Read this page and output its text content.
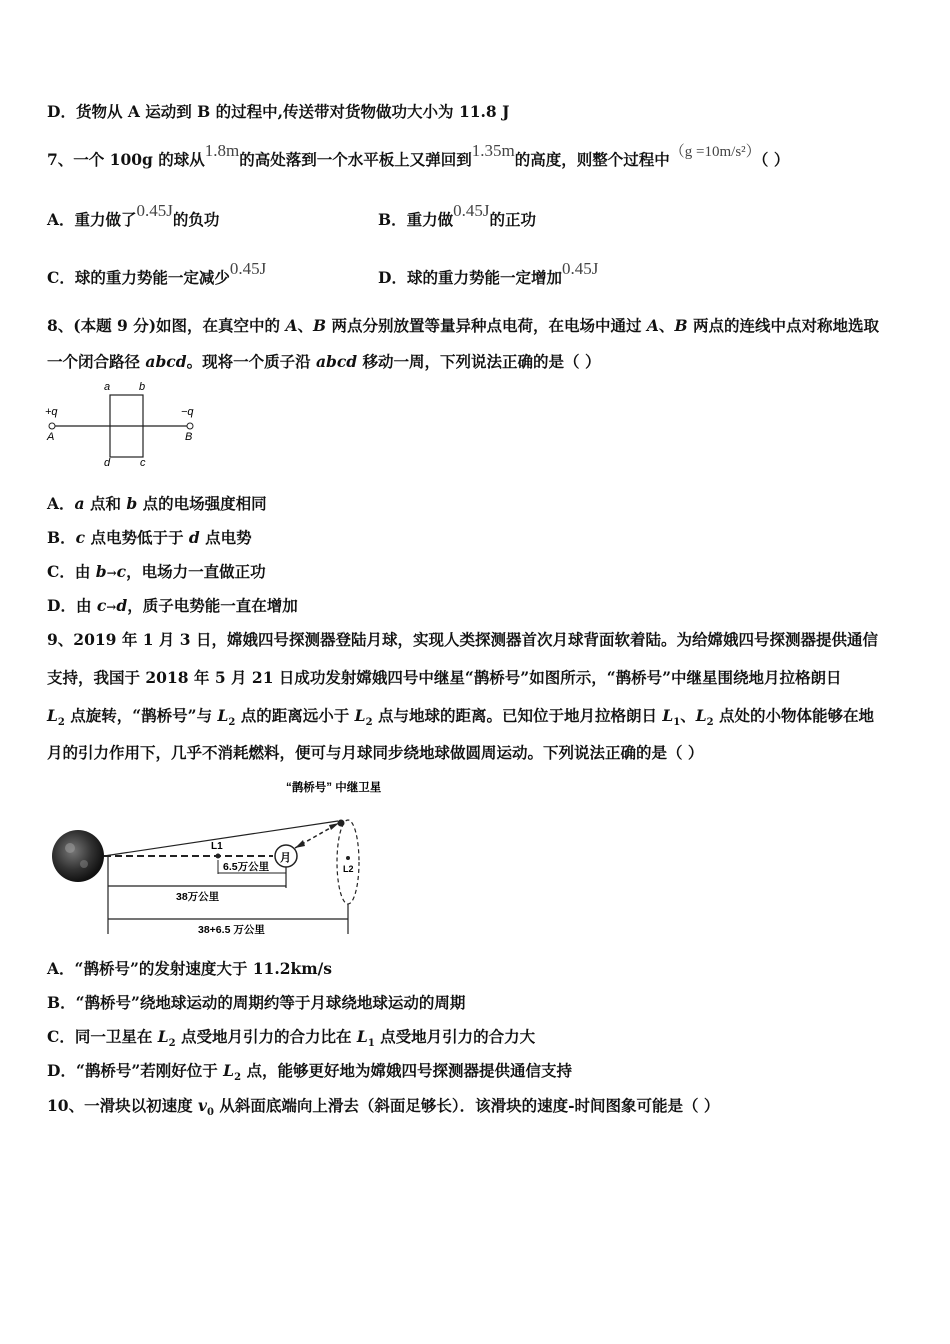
D．货物从 A 运动到 B 的过程中,传送带对货物做功大小为 11.8 J
7、一个 100g 的球从1.8m的高处落到一个水平板上又弹回到1.35m的高度，则整个过程中（g =10m/s²）（ ）
A．重力做了0.45J的负功	B．重力做0.45J的正功
C．球的重力势能一定减少0.45J	D．球的重力势能一定增加0.45J
8、(本题 9 分)如图，在真空中的 A、B 两点分别放置等量异种点电荷，在电场中通过 A、B 两点的连线中点对称地选取
一个闭合路径 abcd。现将一个质子沿 abcd 移动一周，下列说法正确的是（ ）
+q	−q
A	B
a	b
c
d
A．a 点和 b 点的电场强度相同
B．c 点电势低于于 d 点电势
C．由 b→c，电场力一直做正功
D．由 c→d，质子电势能一直在增加
9、2019 年 1 月 3 日，嫦娥四号探测器登陆月球，实现人类探测器首次月球背面软着陆。为给嫦娥四号探测器提供通信
支持，我国于 2018 年 5 月 21 日成功发射嫦娥四号中继星“鹊桥号”如图所示，“鹊桥号”中继星围绕地月拉格朗日
$L_2$ 点旋转，“鹊桥号”与 $L_2$ 点的距离远小于 $L_2$ 点与地球的距离。已知位于地月拉格朗日 $L_1$、$L_2$ 点处的小物体能够在地
月的引力作用下，几乎不消耗燃料，便可与月球同步绕地球做圆周运动。下列说法正确的是（ ）
“鹊桥号” 中继卫星
L1
月
L2
6.5万公里
38万公里
38+6.5 万公里
A．“鹊桥号”的发射速度大于 11.2km/s
B．“鹊桥号”绕地球运动的周期约等于月球绕地球运动的周期
C．同一卫星在 $L_2$ 点受地月引力的合力比在 $L_1$ 点受地月引力的合力大
D．“鹊桥号”若刚好位于 $L_2$ 点，能够更好地为嫦娥四号探测器提供通信支持
10、一滑块以初速度 $v_0$ 从斜面底端向上滑去（斜面足够长）．该滑块的速度-时间图象可能是（ ）
